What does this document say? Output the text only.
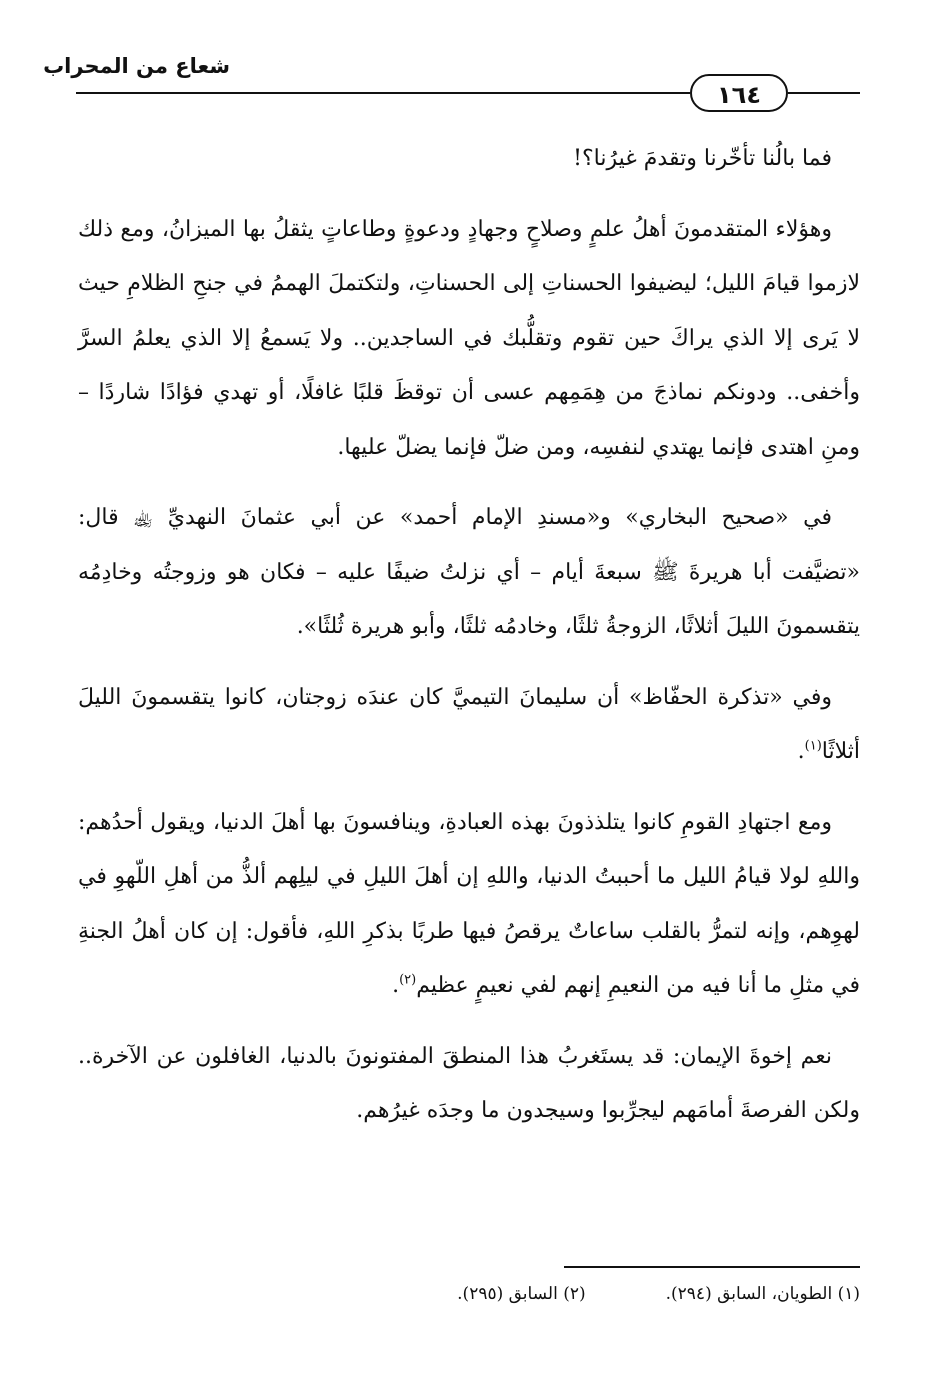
شعاع من المحراب
١٦٤

فما بالُنا تأخّرنا وتقدمَ غيرُنا؟!

وهؤلاء المتقدمونَ أهلُ علمٍ وصلاحٍ وجهادٍ ودعوةٍ وطاعاتٍ يثقلُ بها الميزانُ، ومع ذلك لازموا قيامَ الليل؛ ليضيفوا الحسناتِ إلى الحسناتِ، ولتكتملَ الهممُ في جنحِ الظلامِ حيث لا يَرى إلا الذي يراكَ حين تقوم وتقلُّبك في الساجدين.. ولا يَسمعُ إلا الذي يعلمُ السرَّ وأخفى.. ودونكم نماذجَ من هِمَمِهم عسى أن توقظَ قلبًا غافلًا، أو تهدي فؤادًا شاردًا – ومنِ اهتدى فإنما يهتدي لنفسِه، ومن ضلّ فإنما يضلّ عليها.

في «صحيح البخاري» و«مسندِ الإمام أحمد» عن أبي عثمانَ النهديِّ ﵀ قال: «تضيَّفت أبا هريرةَ ﷺ سبعةَ أيام – أي نزلتُ ضيفًا عليه – فكان هو وزوجتُه وخادِمُه يتقسمونَ الليلَ أثلاثًا، الزوجةُ ثلثًا، وخادمُه ثلثًا، وأبو هريرة ثُلثًا».

وفي «تذكرة الحفّاظ» أن سليمانَ التيميَّ كان عندَه زوجتان، كانوا يتقسمونَ الليلَ أثلاثًا$^{(١)}$.

ومع اجتهادِ القومِ كانوا يتلذذونَ بهذه العبادةِ، وينافسونَ بها أهلَ الدنيا، ويقول أحدُهم: واللهِ لولا قيامُ الليل ما أحببتُ الدنيا، واللهِ إن أهلَ الليلِ في ليلِهم ألذُّ من أهلِ اللّهوِ في لهوِهم، وإنه لتمرُّ بالقلب ساعاتٌ يرقصُ فيها طربًا بذكرِ اللهِ، فأقول: إن كان أهلُ الجنةِ في مثلِ ما أنا فيه من النعيمِ إنهم لفي نعيمٍ عظيم$^{(٢)}$.

نعم إخوةَ الإيمان: قد يستَغربُ هذا المنطقَ المفتونونَ بالدنيا، الغافلون عن الآخرة.. ولكن الفرصةَ أمامَهم ليجرِّبوا وسيجدون ما وجدَه غيرُهم.

(١) الطويان، السابق (٢٩٤).
(٢) السابق (٢٩٥).
